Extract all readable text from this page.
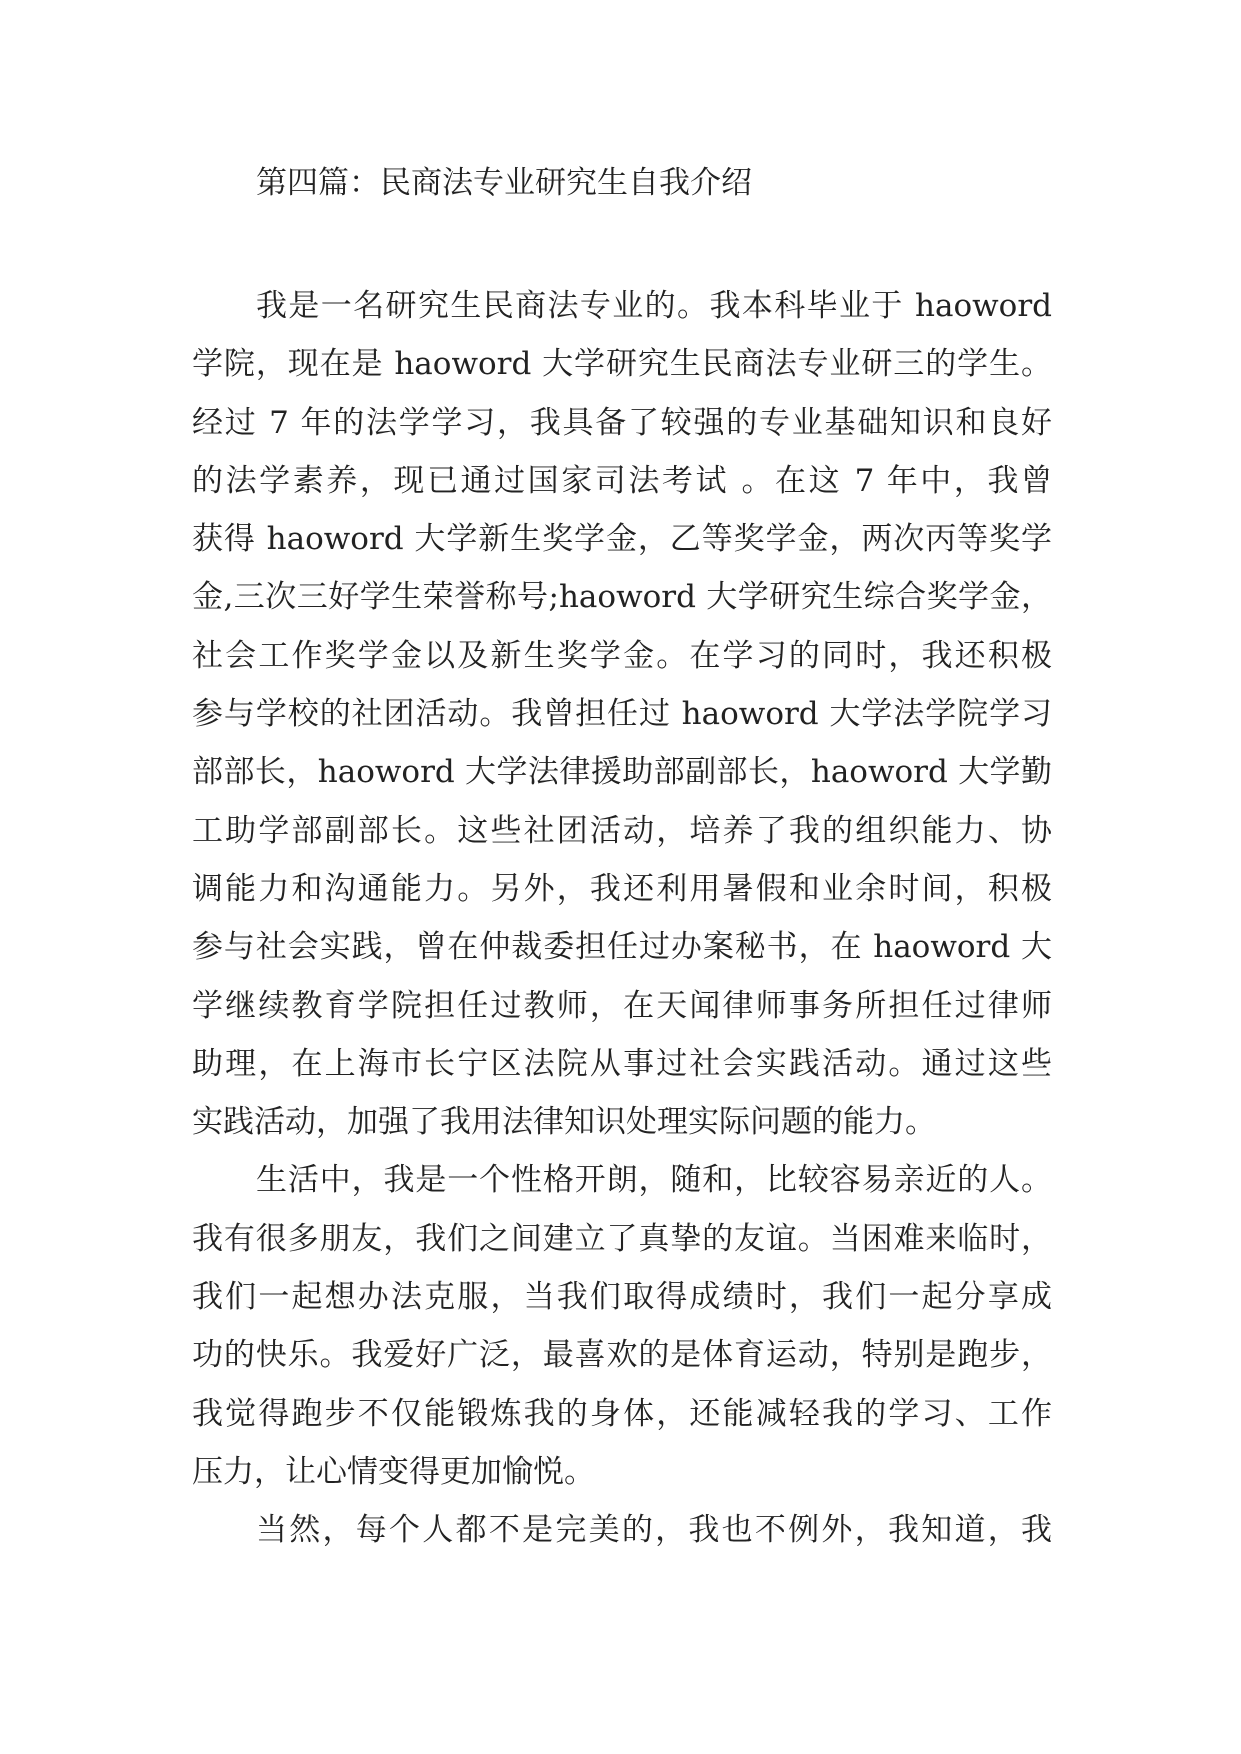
第四篇：民商法专业研究生自我介绍
我是一名研究生民商法专业的。我本科毕业于 haoword
学院，现在是 haoword 大学研究生民商法专业研三的学生。
经过 7 年的法学学习，我具备了较强的专业基础知识和良好
的法学素养，现已通过国家司法考试 。在这 7 年中，我曾
获得 haoword 大学新生奖学金，乙等奖学金，两次丙等奖学
金,三次三好学生荣誉称号;haoword 大学研究生综合奖学金，
社会工作奖学金以及新生奖学金。在学习的同时，我还积极
参与学校的社团活动。我曾担任过 haoword 大学法学院学习
部部长，haoword 大学法律援助部副部长，haoword 大学勤
工助学部副部长。这些社团活动，培养了我的组织能力、协
调能力和沟通能力。另外，我还利用暑假和业余时间，积极
参与社会实践，曾在仲裁委担任过办案秘书，在 haoword 大
学继续教育学院担任过教师，在天闻律师事务所担任过律师
助理，在上海市长宁区法院从事过社会实践活动。通过这些
实践活动，加强了我用法律知识处理实际问题的能力。
生活中，我是一个性格开朗，随和，比较容易亲近的人。
我有很多朋友，我们之间建立了真挚的友谊。当困难来临时，
我们一起想办法克服，当我们取得成绩时，我们一起分享成
功的快乐。我爱好广泛，最喜欢的是体育运动，特别是跑步，
我觉得跑步不仅能锻炼我的身体，还能减轻我的学习、工作
压力，让心情变得更加愉悦。
当然，每个人都不是完美的，我也不例外，我知道，我
